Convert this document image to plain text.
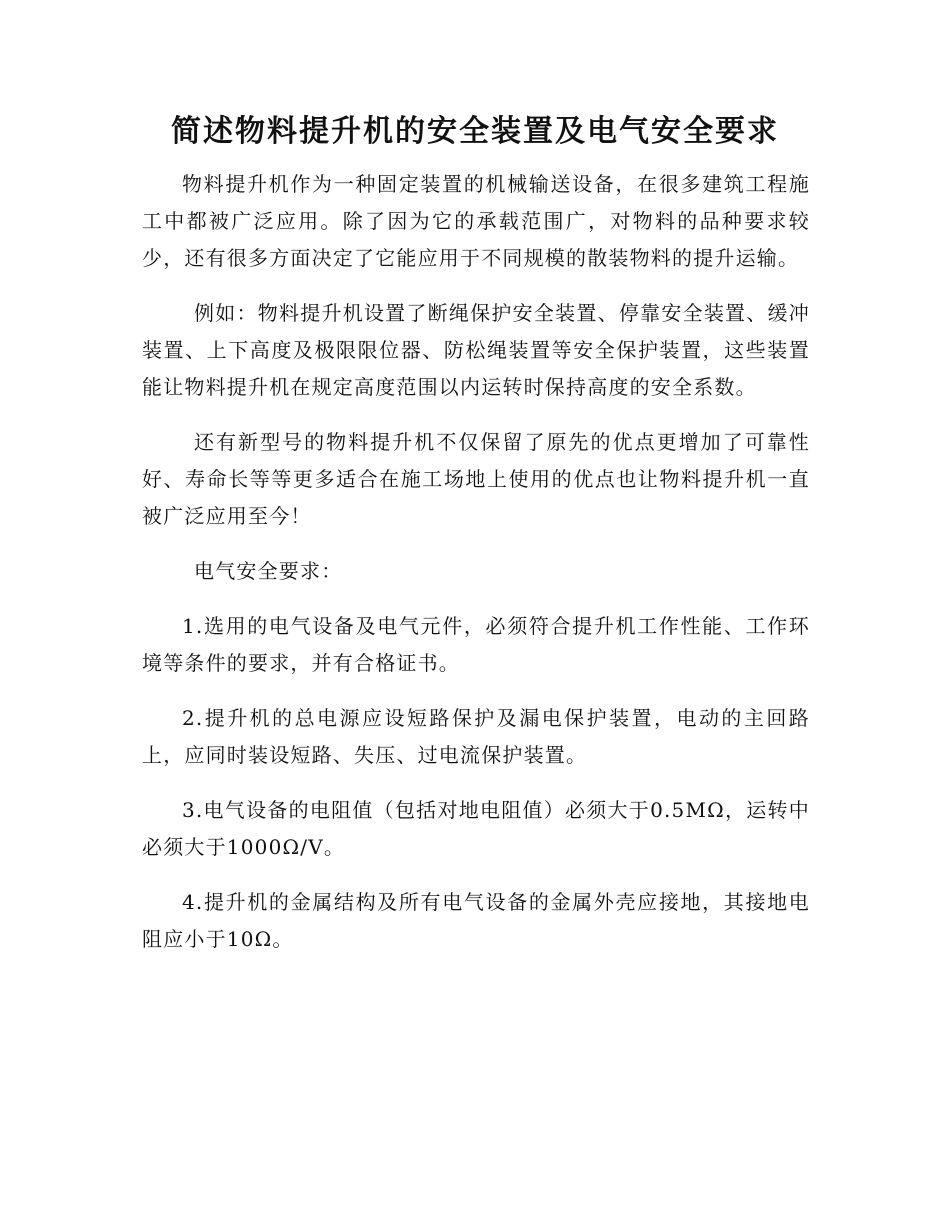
简述物料提升机的安全装置及电气安全要求

物料提升机作为一种固定装置的机械输送设备，在很多建筑工程施工中都被广泛应用。除了因为它的承载范围广，对物料的品种要求较少，还有很多方面决定了它能应用于不同规模的散装物料的提升运输。

例如：物料提升机设置了断绳保护安全装置、停靠安全装置、缓冲装置、上下高度及极限限位器、防松绳装置等安全保护装置，这些装置能让物料提升机在规定高度范围以内运转时保持高度的安全系数。

还有新型号的物料提升机不仅保留了原先的优点更增加了可靠性好、寿命长等等更多适合在施工场地上使用的优点也让物料提升机一直被广泛应用至今！

电气安全要求：

1.选用的电气设备及电气元件，必须符合提升机工作性能、工作环境等条件的要求，并有合格证书。

2.提升机的总电源应设短路保护及漏电保护装置，电动的主回路上，应同时装设短路、失压、过电流保护装置。

3.电气设备的电阻值（包括对地电阻值）必须大于0.5MΩ，运转中必须大于1000Ω/V。

4.提升机的金属结构及所有电气设备的金属外壳应接地，其接地电阻应小于10Ω。
